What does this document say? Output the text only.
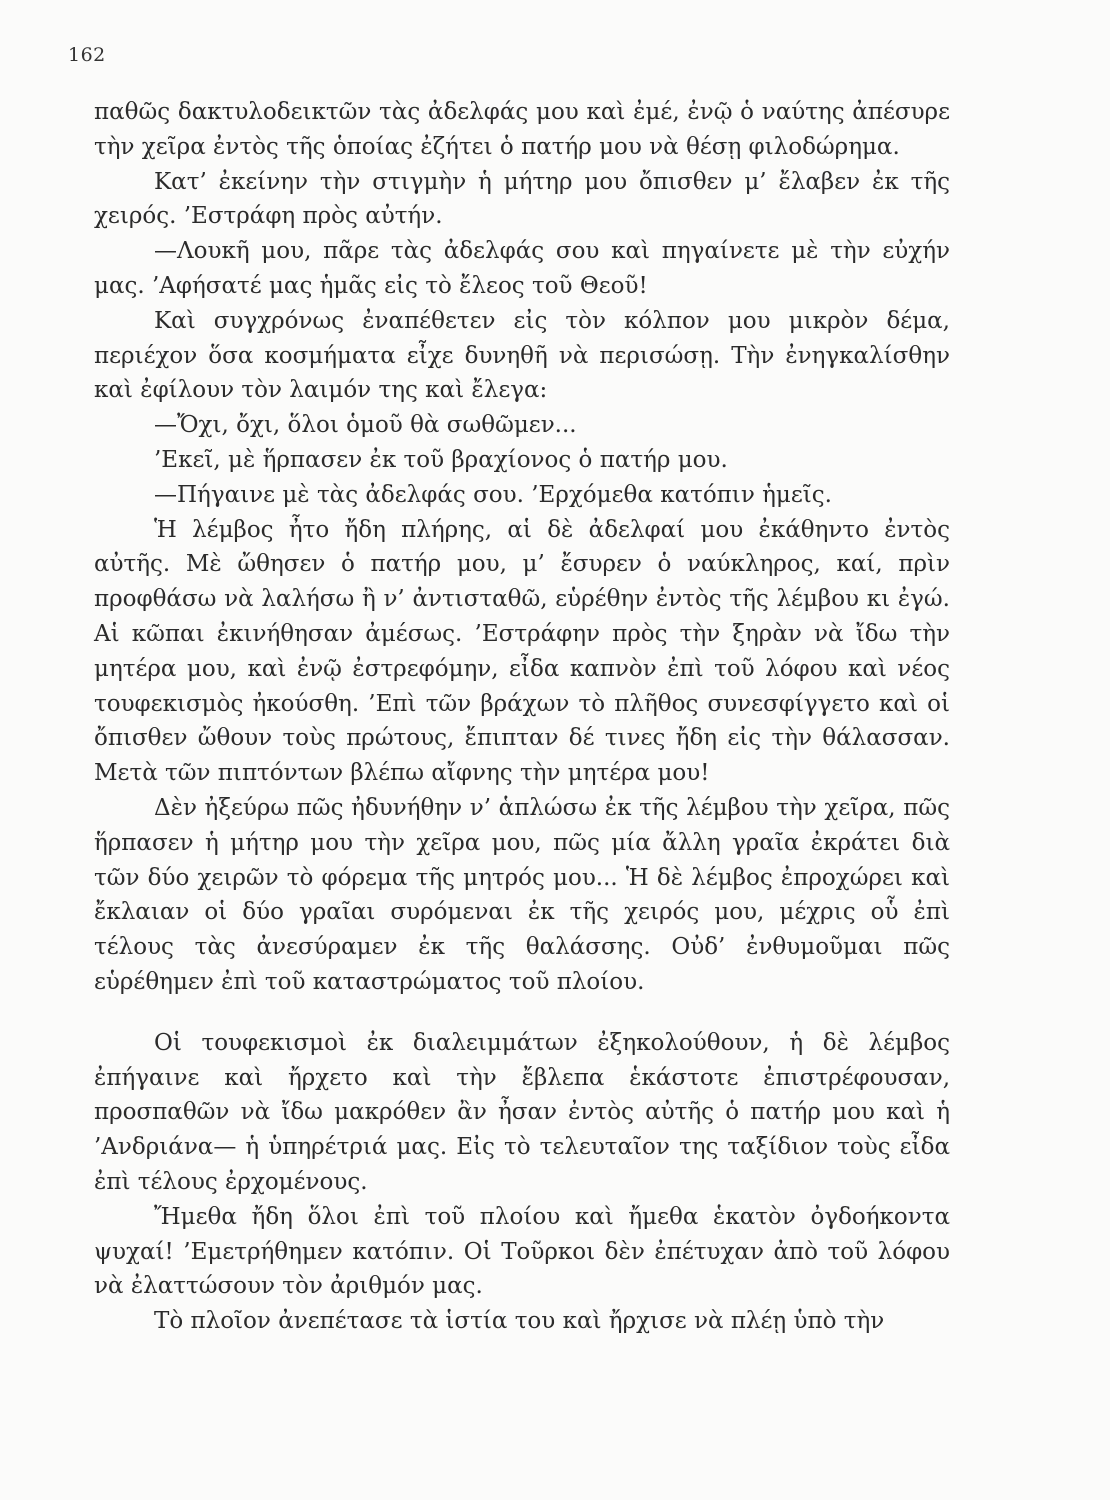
162

παθῶς δακτυλοδεικτῶν τὰς ἀδελφάς μου καὶ ἐμέ, ἐνῷ ὁ ναύτης ἀπέσυρε τὴν χεῖρα ἐντὸς τῆς ὁποίας ἐζήτει ὁ πατήρ μου νὰ θέσῃ φιλοδώρημα.

Κατ’ ἐκείνην τὴν στιγμὴν ἡ μήτηρ μου ὄπισθεν μ’ ἔλαβεν ἐκ τῆς χειρός. ’Εστράφη πρὸς αὐτήν.

—Λουκῆ μου, πᾶρε τὰς ἀδελφάς σου καὶ πηγαίνετε μὲ τὴν εὐχήν μας. ’Αφήσατέ μας ἡμᾶς εἰς τὸ ἔλεος τοῦ Θεοῦ!

Καὶ συγχρόνως ἐναπέθετεν εἰς τὸν κόλπον μου μικρὸν δέμα, περιέχον ὅσα κοσμήματα εἶχε δυνηθῆ νὰ περισώσῃ. Τὴν ἐνηγκαλίσθην καὶ ἐφίλουν τὸν λαιμόν της καὶ ἔλεγα:

—Ὄχι, ὄχι, ὅλοι ὁμοῦ θὰ σωθῶμεν...

’Εκεῖ, μὲ ἥρπασεν ἐκ τοῦ βραχίονος ὁ πατήρ μου.

—Πήγαινε μὲ τὰς ἀδελφάς σου. ’Ερχόμεθα κατόπιν ἡμεῖς.

Ἡ λέμβος ἦτο ἤδη πλήρης, αἱ δὲ ἀδελφαί μου ἐκάθηντο ἐντὸς αὐτῆς. Μὲ ὤθησεν ὁ πατήρ μου, μ’ ἔσυρεν ὁ ναύκληρος, καί, πρὶν προφθάσω νὰ λαλήσω ἢ ν’ ἀντισταθῶ, εὑρέθην ἐντὸς τῆς λέμβου κι ἐγώ. Αἱ κῶπαι ἐκινήθησαν ἀμέσως. ’Εστράφην πρὸς τὴν ξηρὰν νὰ ἴδω τὴν μητέρα μου, καὶ ἐνῷ ἐστρεφόμην, εἶδα καπνὸν ἐπὶ τοῦ λόφου καὶ νέος τουφεκισμὸς ἠκούσθη. ’Επὶ τῶν βράχων τὸ πλῆθος συνεσφίγγετο καὶ οἱ ὄπισθεν ὤθουν τοὺς πρώτους, ἔπιπταν δέ τινες ἤδη εἰς τὴν θάλασσαν. Μετὰ τῶν πιπτόντων βλέπω αἴφνης τὴν μητέρα μου!

Δὲν ἠξεύρω πῶς ἠδυνήθην ν’ ἁπλώσω ἐκ τῆς λέμβου τὴν χεῖρα, πῶς ἥρπασεν ἡ μήτηρ μου τὴν χεῖρα μου, πῶς μία ἄλλη γραῖα ἐκράτει διὰ τῶν δύο χειρῶν τὸ φόρεμα τῆς μητρός μου... Ἡ δὲ λέμβος ἐπροχώρει καὶ ἔκλαιαν οἱ δύο γραῖαι συρόμεναι ἐκ τῆς χειρός μου, μέχρις οὗ ἐπὶ τέλους τὰς ἀνεσύραμεν ἐκ τῆς θαλάσσης. Οὐδ’ ἐνθυμοῦμαι πῶς εὑρέθημεν ἐπὶ τοῦ καταστρώματος τοῦ πλοίου.

Οἱ τουφεκισμοὶ ἐκ διαλειμμάτων ἐξηκολούθουν, ἡ δὲ λέμβος ἐπήγαινε καὶ ἤρχετο καὶ τὴν ἔβλεπα ἑκάστοτε ἐπιστρέφουσαν, προσπαθῶν νὰ ἴδω μακρόθεν ἂν ἦσαν ἐντὸς αὐτῆς ὁ πατήρ μου καὶ ἡ ’Ανδριάνα— ἡ ὑπηρέτριά μας. Εἰς τὸ τελευταῖον της ταξίδιον τοὺς εἶδα ἐπὶ τέλους ἐρχομένους.

Ἤμεθα ἤδη ὅλοι ἐπὶ τοῦ πλοίου καὶ ἤμεθα ἑκατὸν ὀγδοήκοντα ψυχαί! ’Εμετρήθημεν κατόπιν. Οἱ Τοῦρκοι δὲν ἐπέτυχαν ἀπὸ τοῦ λόφου νὰ ἐλαττώσουν τὸν ἀριθμόν μας.

Τὸ πλοῖον ἀνεπέτασε τὰ ἱστία του καὶ ἤρχισε νὰ πλέῃ ὑπὸ τὴν
